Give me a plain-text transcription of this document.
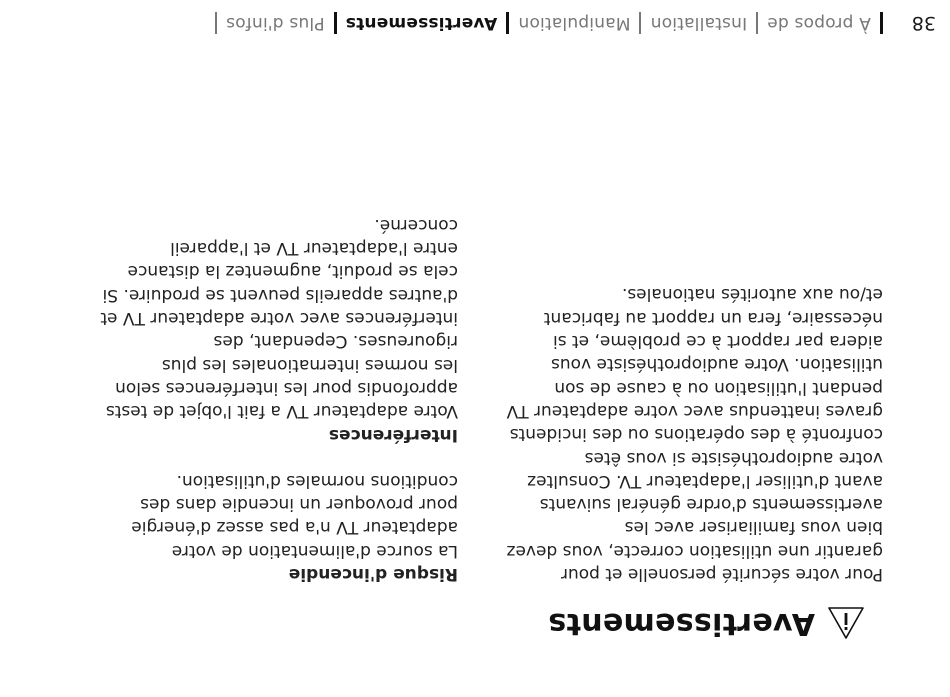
38
À propos de
Installation
Manipulation
Avertissements
Plus d'infos
Avertissements

Pour votre sécurité personelle et pour garantir une utilisation correcte, vous devez bien vous familiariser avec les avertissements d'ordre général suivants avant d'utiliser l'adaptateur TV. Consultez votre audioprothésiste si vous êtes confronté à des opérations ou des incidents graves inattendus avec votre adaptateur TV pendant l'utilisation ou à cause de son utilisation. Votre audioprothésiste vous aidera par rapport à ce problème, et si nécessaire, fera un rapport au fabricant et/ou aux autorités nationales.

Risque d'incendie

La source d'alimentation de votre adaptateur TV n'a pas assez d'énergie pour provoquer un incendie dans des conditions normales d'utilisation.

Interférences

Votre adaptateur TV a fait l'objet de tests approfondis pour les interférences selon les normes internationales les plus rigoureuses. Cependant, des interférences avec votre adaptateur TV et d'autres appareils peuvent se produire. Si cela se produit, augmentez la distance entre l'adaptateur TV et l'appareil concerné.
